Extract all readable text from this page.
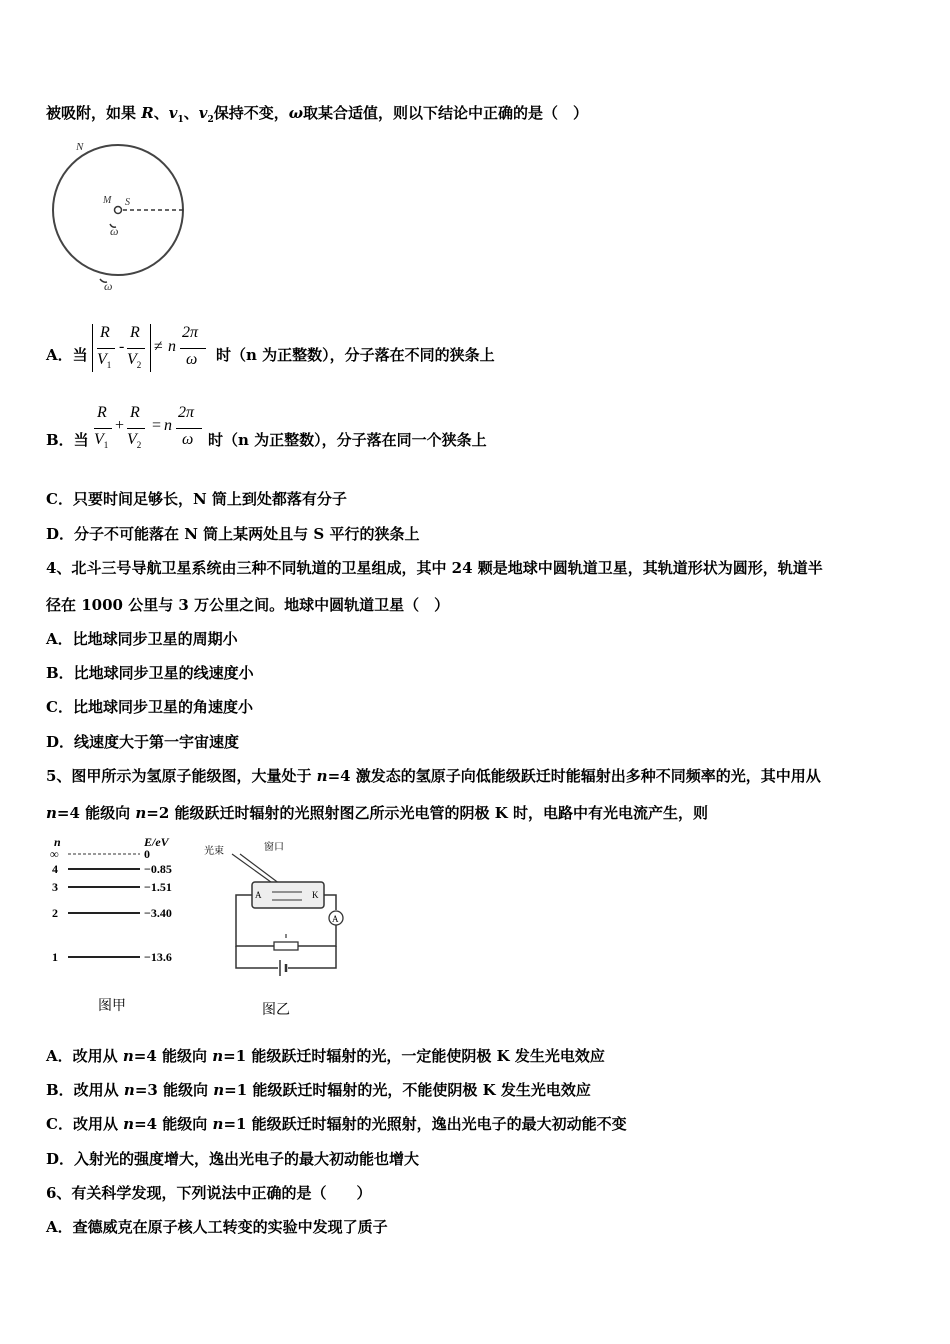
被吸附，如果 R、$v_1$、$v_2$保持不变，ω取某合适值，则以下结论中正确的是（　）
N
M S
ω
ω
A．当
R
$V_1$
-
R
$V_2$
≠ n
2π
ω 时（n 为正整数），分子落在不同的狭条上
B．当
R
$V_1$
+
R
$V_2$
= n
2π
ω 时（n 为正整数），分子落在同一个狭条上
C．只要时间足够长，N 筒上到处都落有分子
D．分子不可能落在 N 筒上某两处且与 S 平行的狭条上
4、北斗三号导航卫星系统由三种不同轨道的卫星组成，其中 24 颗是地球中圆轨道卫星，其轨道形状为圆形，轨道半
径在 1000 公里与 3 万公里之间。地球中圆轨道卫星（　）
A．比地球同步卫星的周期小
B．比地球同步卫星的线速度小
C．比地球同步卫星的角速度小
D．线速度大于第一宇宙速度
5、图甲所示为氢原子能级图，大量处于 n=4 激发态的氢原子向低能级跃迁时能辐射出多种不同频率的光，其中用从
n=4 能级向 n=2 能级跃迁时辐射的光照射图乙所示光电管的阴极 K 时，电路中有光电流产生，则
n	E/eV
∞	0
4	−0.85
3	−1.51
2	−3.40
1	−13.6
图甲
光束	窗口
A	K
A
图乙
A．改用从 n=4 能级向 n=1 能级跃迁时辐射的光，一定能使阴极 K 发生光电效应
B．改用从 n=3 能级向 n=1 能级跃迁时辐射的光，不能使阴极 K 发生光电效应
C．改用从 n=4 能级向 n=1 能级跃迁时辐射的光照射，逸出光电子的最大初动能不变
D．入射光的强度增大，逸出光电子的最大初动能也增大
6、有关科学发现，下列说法中正确的是（　　）
A．查德威克在原子核人工转变的实验中发现了质子
